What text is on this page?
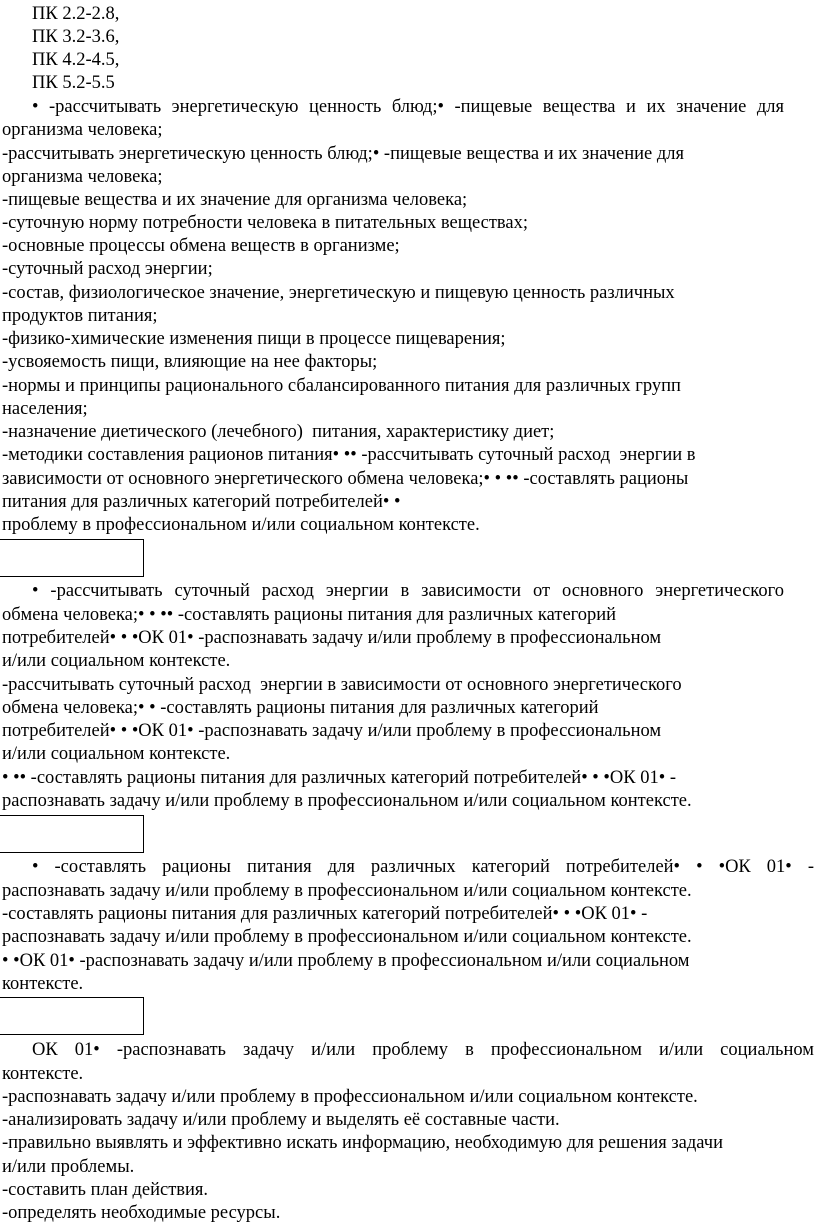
ПК 2.2-2.8,
ПК 3.2-3.6,
ПК 4.2-4.5,
ПК 5.2-5.5
• -рассчитывать энергетическую ценность блюд;• -пищевые вещества и их значение для
организма человека;
-рассчитывать энергетическую ценность блюд;• -пищевые вещества и их значение для
организма человека;
-пищевые вещества и их значение для организма человека;
-суточную норму потребности человека в питательных веществах;
-основные процессы обмена веществ в организме;
-суточный расход энергии;
-состав, физиологическое значение, энергетическую и пищевую ценность различных
продуктов питания;
-физико-химические изменения пищи в процессе пищеварения;
-усвояемость пищи, влияющие на нее факторы;
-нормы и принципы рационального сбалансированного питания для различных групп
населения;
-назначение диетического (лечебного)  питания, характеристику диет;
-методики составления рационов питания• •• -рассчитывать суточный расход  энергии в
зависимости от основного энергетического обмена человека;• • •• -составлять рационы
питания для различных категорий потребителей• •
проблему в профессиональном и/или социальном контексте.
• -рассчитывать суточный расход энергии в зависимости от основного энергетического
обмена человека;• • •• -составлять рационы питания для различных категорий
потребителей• • •ОК 01• -распознавать задачу и/или проблему в профессиональном
и/или социальном контексте.
-рассчитывать суточный расход  энергии в зависимости от основного энергетического
обмена человека;• • -составлять рационы питания для различных категорий
потребителей• • •ОК 01• -распознавать задачу и/или проблему в профессиональном
и/или социальном контексте.
• •• -составлять рационы питания для различных категорий потребителей• • •ОК 01• -
распознавать задачу и/или проблему в профессиональном и/или социальном контексте.
• -составлять рационы питания для различных категорий потребителей• • •ОК 01• -
распознавать задачу и/или проблему в профессиональном и/или социальном контексте.
-составлять рационы питания для различных категорий потребителей• • •ОК 01• -
распознавать задачу и/или проблему в профессиональном и/или социальном контексте.
• •ОК 01• -распознавать задачу и/или проблему в профессиональном и/или социальном
контексте.
ОК 01• -распознавать задачу и/или проблему в профессиональном и/или социальном
контексте.
-распознавать задачу и/или проблему в профессиональном и/или социальном контексте.
-анализировать задачу и/или проблему и выделять её составные части.
-правильно выявлять и эффективно искать информацию, необходимую для решения задачи
и/или проблемы.
-составить план действия.
-определять необходимые ресурсы.
